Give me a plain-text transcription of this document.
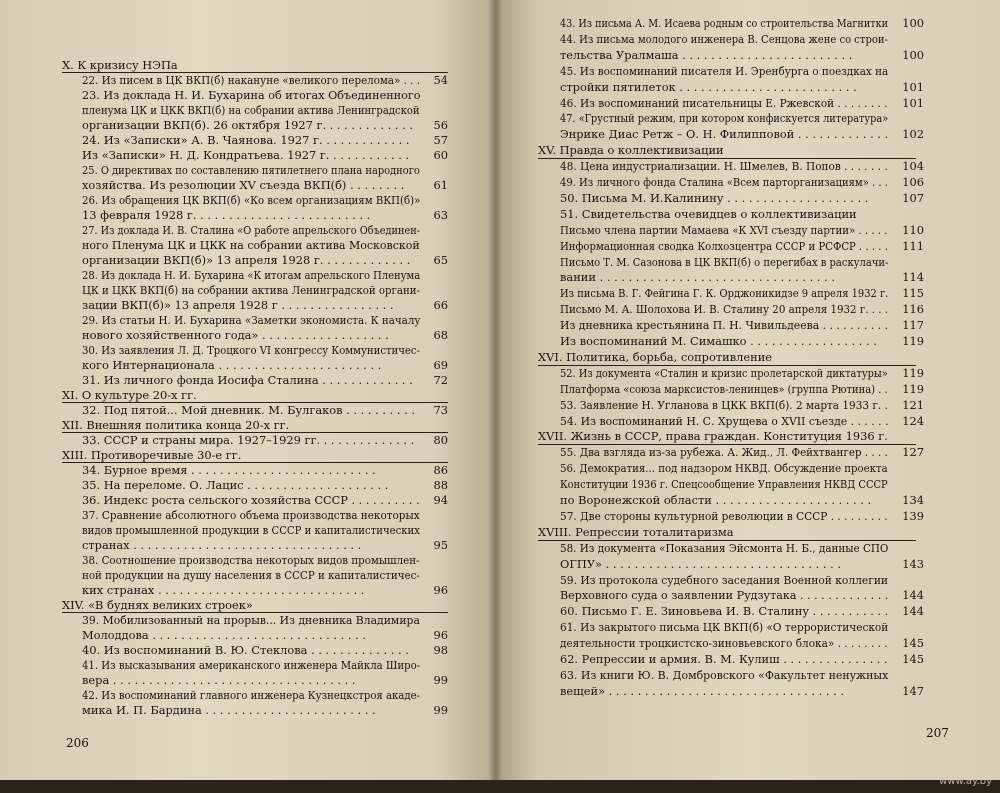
X. К кризису НЭПа
22. Из писем в ЦК ВКП(б) накануне «великого перелома» . . . 54
23. Из доклада Н. И. Бухарина об итогах Объединенного
пленума ЦК и ЦКК ВКП(б) на собрании актива Ленинградской
организации ВКП(б). 26 октября 1927 г. . . . . . . . . . . . . 56
24. Из «Записки» А. В. Чаянова. 1927 г. . . . . . . . . . . . . 57
Из «Записки» Н. Д. Кондратьева. 1927 г. . . . . . . . . . . . 60
25. О директивах по составлению пятилетнего плана народного
хозяйства. Из резолюции XV съезда ВКП(б) . . . . . . . .	61
26. Из обращения ЦК ВКП(б) «Ко всем организациям ВКП(б)»
13 февраля 1928 г. . . . . . . . . . . . . . . . . . . . . . . . .	63
27. Из доклада И. В. Сталина «О работе апрельского Объединен-
ного Пленума ЦК и ЦКК на собрании актива Московской
организации ВКП(б)» 13 апреля 1928 г. . . . . . . . . . . . . 65
28. Из доклада Н. И. Бухарина «К итогам апрельского Пленума
ЦК и ЦКК ВКП(б) на собрании актива Ленинградской органи-
зации ВКП(б)» 13 апреля 1928 г . . . . . . . . . . . . . . . .	66
29. Из статьи Н. И. Бухарина «Заметки экономиста. К началу
нового хозяйственного года» . . . . . . . . . . . . . . . . . .	68
30. Из заявления Л. Д. Троцкого VI конгрессу Коммунистичес-
кого Интернационала . . . . . . . . . . . . . . . . . . . . . . .	69
31. Из личного фонда Иосифа Сталина . . . . . . . . . . . . . 72
XI. О культуре 20-х гг.
32. Под пятой... Мой дневник. М. Булгаков . . . . . . . . . . 73
XII. Внешняя политика конца 20-х гг.
33. СССР и страны мира. 1927–1929 гг. . . . . . . . . . . . . . 80
XIII. Противоречивые 30-е гг.
34. Бурное время . . . . . . . . . . . . . . . . . . . . . . . . . .	86
35. На переломе. О. Лацис . . . . . . . . . . . . . . . . . . . .	88
36. Индекс роста сельского хозяйства СССР . . . . . . . . . . 94
37. Сравнение абсолютного объема производства некоторых
видов промышленной продукции в СССР и капиталистических
странах . . . . . . . . . . . . . . . . . . . . . . . . . . . . . . . .	95
38. Соотношение производства некоторых видов промышлен-
ной продукции на душу населения в СССР и капиталистичес-
ких странах . . . . . . . . . . . . . . . . . . . . . . . . . . . . .	96
XIV. «В буднях великих строек»
39. Мобилизованный на прорыв... Из дневника Владимира
Молоддова . . . . . . . . . . . . . . . . . . . . . . . . . . . . . .	96
40. Из воспоминаний В. Ю. Стеклова . . . . . . . . . . . . . . 98
41. Из высказывания американского инженера Майкла Широ-
вера . . . . . . . . . . . . . . . . . . . . . . . . . . . . . . . . . .	99
42. Из воспоминаний главного инженера Кузнецкстроя акаде-
мика И. П. Бардина . . . . . . . . . . . . . . . . . . . . . . . .	99
206
43. Из письма А. М. Исаева родным со строительства Магнитки 100
44. Из письма молодого инженера В. Сенцова жене со строи-
тельства Уралмаша . . . . . . . . . . . . . . . . . . . . . . . .	100
45. Из воспоминаний писателя И. Эренбурга о поездках на
стройки пятилеток . . . . . . . . . . . . . . . . . . . . . . . . .	101
46. Из воспоминаний писательницы Е. Ржевской . . . . . . . . 101
47. «Грустный режим, при котором конфискуется литература»
Энрике Диас Ретж – О. Н. Филипповой . . . . . . . . . . . . . 102
XV. Правда о коллективизации
48. Цена индустриализации. Н. Шмелев, В. Попов . . . . . . . 104
49. Из личного фонда Сталина «Всем парторганизациям» . . . 106
50. Письма М. И.Калинину . . . . . . . . . . . . . . . . . . . .	107
51. Свидетельства очевидцев о коллективизации
Письмо члена партии Мамаева «К XVI съезду партии» . . . . . 110
Информационная сводка Колхозцентра СССР и РСФСР . . . . . 111
Письмо Т. М. Сазонова в ЦК ВКП(б) о перегибах в раскулачи-
вании . . . . . . . . . . . . . . . . . . . . . . . . . . . . . . . . .	114
Из письма В. Г. Фейгина Г. К. Орджоникидзе 9 апреля 1932 г. 115
Письмо М. А. Шолохова И. В. Сталину 20 апреля 1932 г. . . . 116
Из дневника крестьянина П. Н. Чивильдеева . . . . . . . . . . 117
Из воспоминаний М. Симашко . . . . . . . . . . . . . . . . . . 119
XVI. Политика, борьба, сопротивление
52. Из документа «Сталин и кризис пролетарской диктатуры» 119
Платформа «союза марксистов-ленинцев» (группа Рютина) . . 119
53. Заявление Н. Угланова в ЦКК ВКП(б). 2 марта 1933 г. . 121
54. Из воспоминаний Н. С. Хрущева о XVII съезде . . . . . . 124
XVII. Жизнь в СССР, права граждан. Конституция 1936 г.
55. Два взгляда из-за рубежа. А. Жид., Л. Фейхтвангер . . . . 127
56. Демократия... под надзором НКВД. Обсуждение проекта
Конституции 1936 г. Спецсообщение Управления НКВД СССР
по Воронежской области . . . . . . . . . . . . . . . . . . . . . .	134
57. Две стороны культурной революции в СССР . . . . . . . . . 139
XVIII. Репрессии тоталитаризма
58. Из документа «Показания Эйсмонта Н. Б., данные СПО
ОГПУ» . . . . . . . . . . . . . . . . . . . . . . . . . . . . . . . . .	143
59. Из протокола судебного заседания Военной коллегии
Верховного суда о заявлении Рудзутака . . . . . . . . . . . . . 144
60. Письмо Г. Е. Зиновьева И. В. Сталину . . . . . . . . . . . 144
61. Из закрытого письма ЦК ВКП(б) «О террористической
деятельности троцкистско-зиновьевского блока» . . . . . . . . 145
62. Репрессии и армия. В. М. Кулиш . . . . . . . . . . . . . . . 145
63. Из книги Ю. В. Домбровского «Факультет ненужных
вещей» . . . . . . . . . . . . . . . . . . . . . . . . . . . . . . . . .	147
207
www.ay.by
